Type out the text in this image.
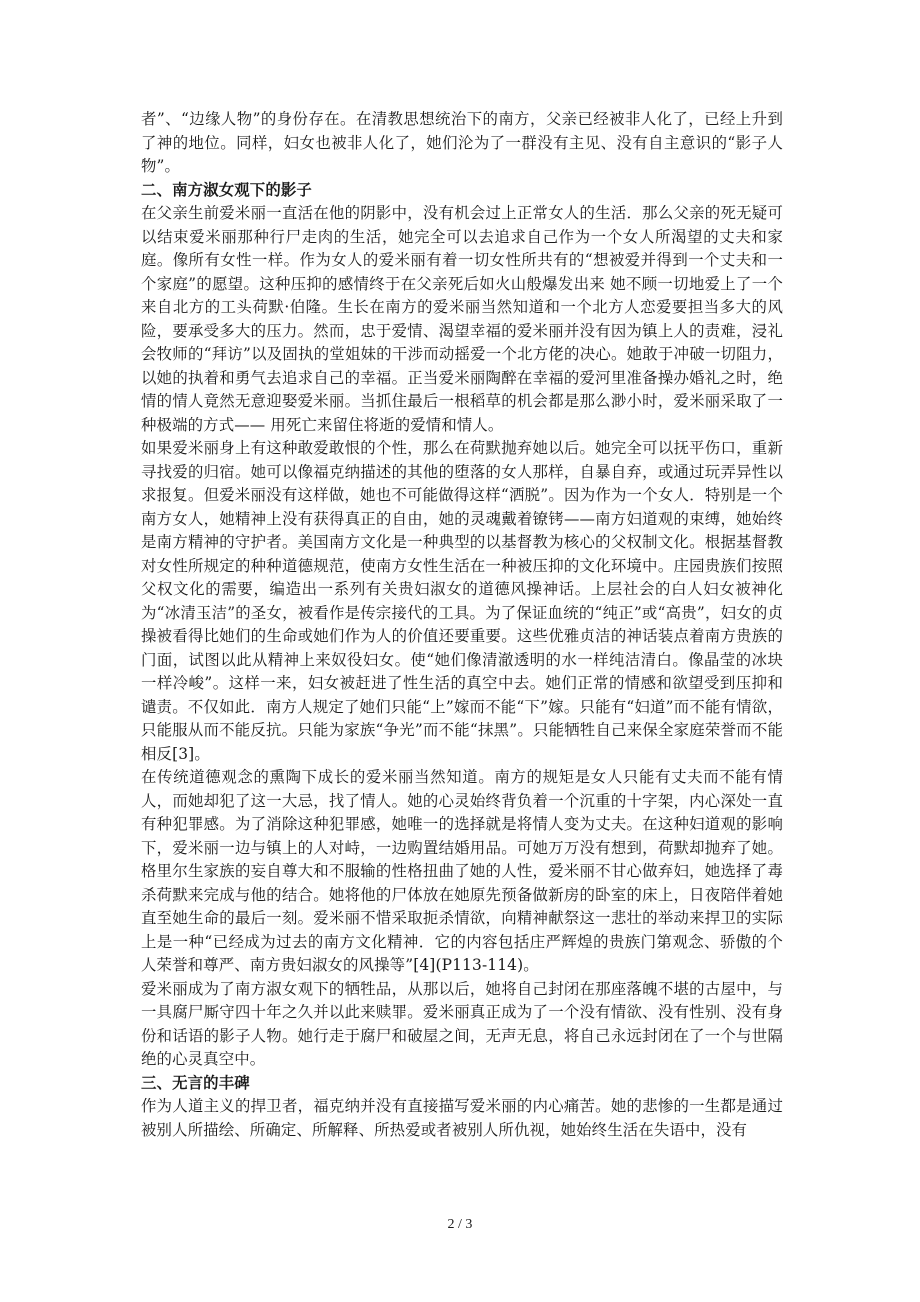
者”、“边缘人物”的身份存在。在清教思想统治下的南方，父亲已经被非人化了，已经上升到了神的地位。同样，妇女也被非人化了，她们沦为了一群没有主见、没有自主意识的“影子人物”。

二、南方淑女观下的影子

在父亲生前爱米丽一直活在他的阴影中，没有机会过上正常女人的生活．那么父亲的死无疑可以结束爱米丽那种行尸走肉的生活，她完全可以去追求自己作为一个女人所渴望的丈夫和家庭。像所有女性一样。作为女人的爱米丽有着一切女性所共有的“想被爱并得到一个丈夫和一个家庭”的愿望。这种压抑的感情终于在父亲死后如火山般爆发出来 她不顾一切地爱上了一个来自北方的工头荷默·伯隆。生长在南方的爱米丽当然知道和一个北方人恋爱要担当多大的风险，要承受多大的压力。然而，忠于爱情、渴望幸福的爱米丽并没有因为镇上人的责难，浸礼会牧师的“拜访”以及固执的堂姐妹的干涉而动摇爱一个北方佬的决心。她敢于冲破一切阻力，以她的执着和勇气去追求自己的幸福。正当爱米丽陶醉在幸福的爱河里准备操办婚礼之时，绝情的情人竟然无意迎娶爱米丽。当抓住最后一根稻草的机会都是那么渺小时，爱米丽采取了一种极端的方式—— 用死亡来留住将逝的爱情和情人。

如果爱米丽身上有这种敢爱敢恨的个性，那么在荷默抛弃她以后。她完全可以抚平伤口，重新寻找爱的归宿。她可以像福克纳描述的其他的堕落的女人那样，自暴自弃，或通过玩弄异性以求报复。但爱米丽没有这样做，她也不可能做得这样“洒脱”。因为作为一个女人．特别是一个南方女人，她精神上没有获得真正的自由，她的灵魂戴着镣铐——南方妇道观的束缚，她始终是南方精神的守护者。美国南方文化是一种典型的以基督教为核心的父权制文化。根据基督教对女性所规定的种种道德规范，使南方女性生活在一种被压抑的文化环境中。庄园贵族们按照父权文化的需要，编造出一系列有关贵妇淑女的道德风操神话。上层社会的白人妇女被神化为“冰清玉洁”的圣女，被看作是传宗接代的工具。为了保证血统的“纯正”或“高贵”，妇女的贞操被看得比她们的生命或她们作为人的价值还要重要。这些优雅贞洁的神话装点着南方贵族的门面，试图以此从精神上来奴役妇女。使“她们像清澈透明的水一样纯洁清白。像晶莹的冰块一样冷峻”。这样一来，妇女被赶进了性生活的真空中去。她们正常的情感和欲望受到压抑和谴责。不仅如此．南方人规定了她们只能“上”嫁而不能“下”嫁。只能有“妇道”而不能有情欲，只能服从而不能反抗。只能为家族“争光”而不能“抹黑”。只能牺牲自己来保全家庭荣誉而不能相反[3]。

在传统道德观念的熏陶下成长的爱米丽当然知道。南方的规矩是女人只能有丈夫而不能有情人，而她却犯了这一大忌，找了情人。她的心灵始终背负着一个沉重的十字架，内心深处一直有种犯罪感。为了消除这种犯罪感，她唯一的选择就是将情人变为丈夫。在这种妇道观的影响下，爱米丽一边与镇上的人对峙，一边购置结婚用品。可她万万没有想到，荷默却抛弃了她。格里尔生家族的妄自尊大和不服输的性格扭曲了她的人性，爱米丽不甘心做弃妇，她选择了毒杀荷默来完成与他的结合。她将他的尸体放在她原先预备做新房的卧室的床上，日夜陪伴着她直至她生命的最后一刻。爱米丽不惜采取扼杀情欲，向精神献祭这一悲壮的举动来捍卫的实际上是一种“已经成为过去的南方文化精神．它的内容包括庄严辉煌的贵族门第观念、骄傲的个人荣誉和尊严、南方贵妇淑女的风操等”[4](P113-114)。

爱米丽成为了南方淑女观下的牺牲品，从那以后，她将自己封闭在那座落魄不堪的古屋中，与一具腐尸厮守四十年之久并以此来赎罪。爱米丽真正成为了一个没有情欲、没有性别、没有身份和话语的影子人物。她行走于腐尸和破屋之间，无声无息，将自己永远封闭在了一个与世隔绝的心灵真空中。

三、无言的丰碑

作为人道主义的捍卫者，福克纳并没有直接描写爱米丽的内心痛苦。她的悲惨的一生都是通过被别人所描绘、所确定、所解释、所热爱或者被别人所仇视，她始终生活在失语中，没有

2 / 3
